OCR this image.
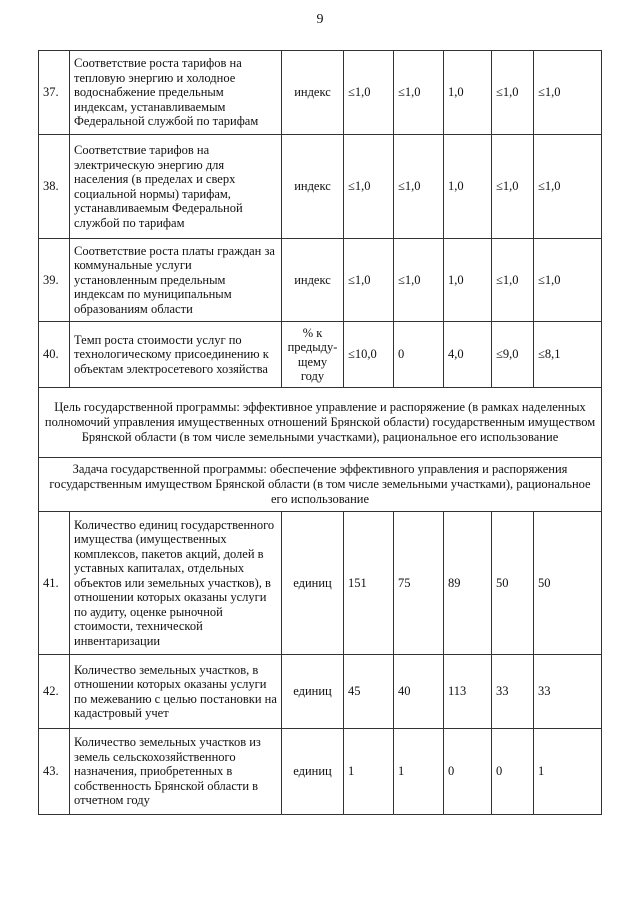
9
37.	Соответствие роста тарифов на тепловую энергию и холодное водоснабжение предельным индексам, устанавливаемым Федеральной службой по тарифам	индекс	≤1,0	≤1,0	1,0	≤1,0	≤1,0
38.	Соответствие тарифов на электрическую энергию для населения (в пределах и сверх социальной нормы) тарифам, устанавливаемым Федеральной службой по тарифам	индекс	≤1,0	≤1,0	1,0	≤1,0	≤1,0
39.	Соответствие роста платы граждан за коммунальные услуги установленным предельным индексам по муниципальным образованиям области	индекс	≤1,0	≤1,0	1,0	≤1,0	≤1,0
40.	Темп роста стоимости услуг по технологическому присоединению к объектам электросетевого хозяйства	% к предыду-щему году	≤10,0	0	4,0	≤9,0	≤8,1
Цель государственной программы: эффективное управление и распоряжение (в рамках наделенных полномочий управления имущественных отношений Брянской области) государственным имуществом Брянской области (в том числе земельными участками), рациональное его использование							
Задача государственной программы: обеспечение эффективного управления и распоряжения государственным имуществом Брянской области (в том числе земельными участками), рациональное его использование							
41.	Количество единиц государственного имущества (имущественных комплексов, пакетов акций, долей в уставных капиталах, отдельных объектов или земельных участков), в отношении которых оказаны услуги по аудиту, оценке рыночной стоимости, технической инвентаризации	единиц	151	75	89	50	50
42.	Количество земельных участков, в отношении которых оказаны услуги по межеванию с целью постановки на кадастровый учет	единиц	45	40	113	33	33
43.	Количество земельных участков из земель сельскохозяйственного назначения, приобретенных в собственность Брянской области в отчетном году	единиц	1	1	0	0	1
